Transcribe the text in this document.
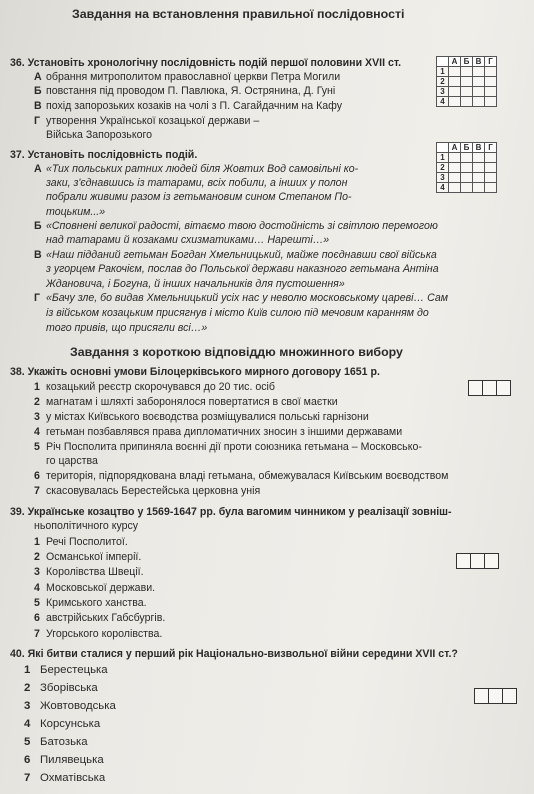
Завдання на встановлення правильної послідовності
36. Установіть хронологічну послідовність подій першої половини XVII ст.
А обрання митрополитом православної церкви Петра Могили
Б повстання під проводом П. Павлюка, Я. Острянина, Д. Гуні
В похід запорозьких козаків на чолі з П. Сагайдачним на Кафу
Г утворення Української козацької держави –
Війська Запорозького
	А	Б	В	Г
1				
2				
3				
4				
37. Установіть послідовність подій.
А «Тих польських ратних людей біля Жовтих Вод самовільні ко-
заки, з'єднавшись із татарами, всіх побили, а інших у полон
побрали живими разом із гетьмановим сином Степаном По-
тоцьким...»
Б «Сповнені великої радості, вітаємо твою достойність зі світлою перемогою
над татарами й козаками схизматиками… Нарешті…»
В «Наш підданий гетьман Богдан Хмельницький, майже поєднавши свої війська
з угорцем Ракочієм, послав до Польської держави наказного гетьмана Антіна
Ждановича, і Богуна, й інших начальників для пустошення»
Г «Бачу зле, бо видав Хмельницький усіх нас у неволю московському цареві… Сам
із військом козацьким присягнув і місто Київ силою під мечовим каранням до
того привів, що присягли всі…»
	А	Б	В	Г
1				
2				
3				
4				
Завдання з короткою відповіддю множинного вибору
38. Укажіть основні умови Білоцерківського мирного договору 1651 р.
1 козацький реєстр скорочувався до 20 тис. осіб
2 магнатам і шляхті заборонялося повертатися в свої маєтки
3 у містах Київського воєводства розміщувалися польські гарнізони
4 гетьман позбавлявся права дипломатичних зносин з іншими державами
5 Річ Посполита припиняла воєнні дії проти союзника гетьмана – Московсько-
го царства
6 територія, підпорядкована владі гетьмана, обмежувалася Київським воєводством
7 скасовувалась Берестейська церковна унія
39. Українське козацтво у 1569-1647 рр. була вагомим чинником у реалізації зовніш-
ньополітичного курсу
1 Речі Посполитої.
2 Османської імперії.
3 Королівства Швеції.
4 Московської держави.
5 Кримського ханства.
6 австрійських Габсбургів.
7 Угорського королівства.
40. Які битви сталися у перший рік Національно-визвольної війни середини XVII ст.?
1 Берестецька
2 Зборівська
3 Жовтоводська
4 Корсунська
5 Батозька
6 Пилявецька
7 Охматівська
